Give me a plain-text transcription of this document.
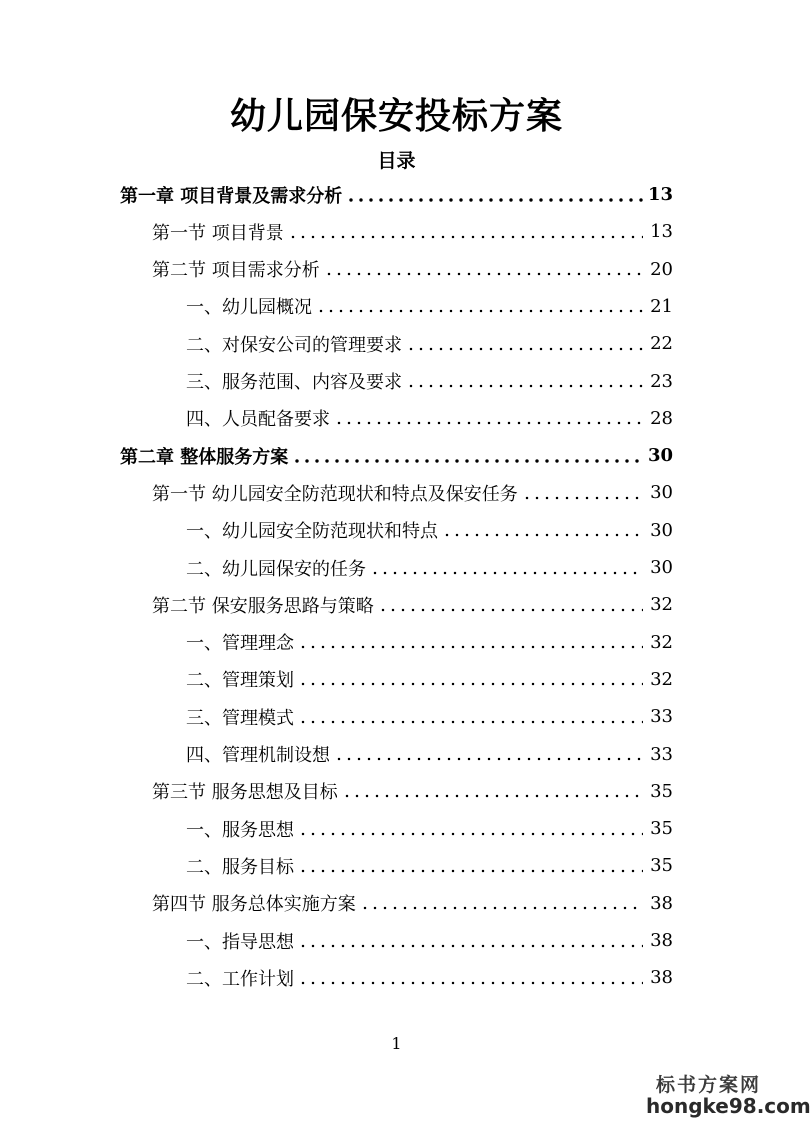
幼儿园保安投标方案
目录
第一章 项目背景及需求分析	13
第一节 项目背景	13
第二节 项目需求分析	20
一、幼儿园概况	21
二、对保安公司的管理要求	22
三、服务范围、内容及要求	23
四、人员配备要求	28
第二章 整体服务方案	30
第一节 幼儿园安全防范现状和特点及保安任务	30
一、幼儿园安全防范现状和特点	30
二、幼儿园保安的任务	30
第二节 保安服务思路与策略	32
一、管理理念	32
二、管理策划	32
三、管理模式	33
四、管理机制设想	33
第三节 服务思想及目标	35
一、服务思想	35
二、服务目标	35
第四节 服务总体实施方案	38
一、指导思想	38
二、工作计划	38
1
标书方案网
hongke98.com
